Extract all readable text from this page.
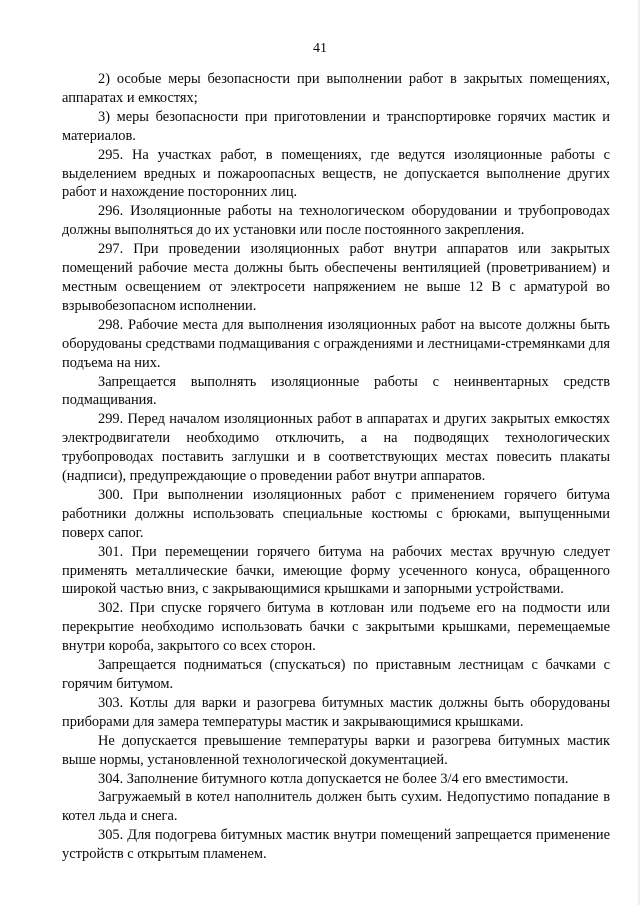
41

2) особые меры безопасности при выполнении работ в закрытых помещениях, аппаратах и емкостях;

3) меры безопасности при приготовлении и транспортировке горячих мастик и материалов.

295. На участках работ, в помещениях, где ведутся изоляционные работы с выделением вредных и пожароопасных веществ, не допускается выполнение других работ и нахождение посторонних лиц.

296. Изоляционные работы на технологическом оборудовании и трубопроводах должны выполняться до их установки или после постоянного закрепления.

297. При проведении изоляционных работ внутри аппаратов или закрытых помещений рабочие места должны быть обеспечены вентиляцией (проветриванием) и местным освещением от электросети напряжением не выше 12 В с арматурой во взрывобезопасном исполнении.

298. Рабочие места для выполнения изоляционных работ на высоте должны быть оборудованы средствами подмащивания с ограждениями и лестницами-стремянками для подъема на них.

Запрещается выполнять изоляционные работы с неинвентарных средств подмащивания.

299. Перед началом изоляционных работ в аппаратах и других закрытых емкостях электродвигатели необходимо отключить, а на подводящих технологических трубопроводах поставить заглушки и в соответствующих местах повесить плакаты (надписи), предупреждающие о проведении работ внутри аппаратов.

300. При выполнении изоляционных работ с применением горячего битума работники должны использовать специальные костюмы с брюками, выпущенными поверх сапог.

301. При перемещении горячего битума на рабочих местах вручную следует применять металлические бачки, имеющие форму усеченного конуса, обращенного широкой частью вниз, с закрывающимися крышками и запорными устройствами.

302. При спуске горячего битума в котлован или подъеме его на подмости или перекрытие необходимо использовать бачки с закрытыми крышками, перемещаемые внутри короба, закрытого со всех сторон.

Запрещается подниматься (спускаться) по приставным лестницам с бачками с горячим битумом.

303. Котлы для варки и разогрева битумных мастик должны быть оборудованы приборами для замера температуры мастик и закрывающимися крышками.

Не допускается превышение температуры варки и разогрева битумных мастик выше нормы, установленной технологической документацией.

304. Заполнение битумного котла допускается не более 3/4 его вместимости.

Загружаемый в котел наполнитель должен быть сухим. Недопустимо попадание в котел льда и снега.

305. Для подогрева битумных мастик внутри помещений запрещается применение устройств с открытым пламенем.
